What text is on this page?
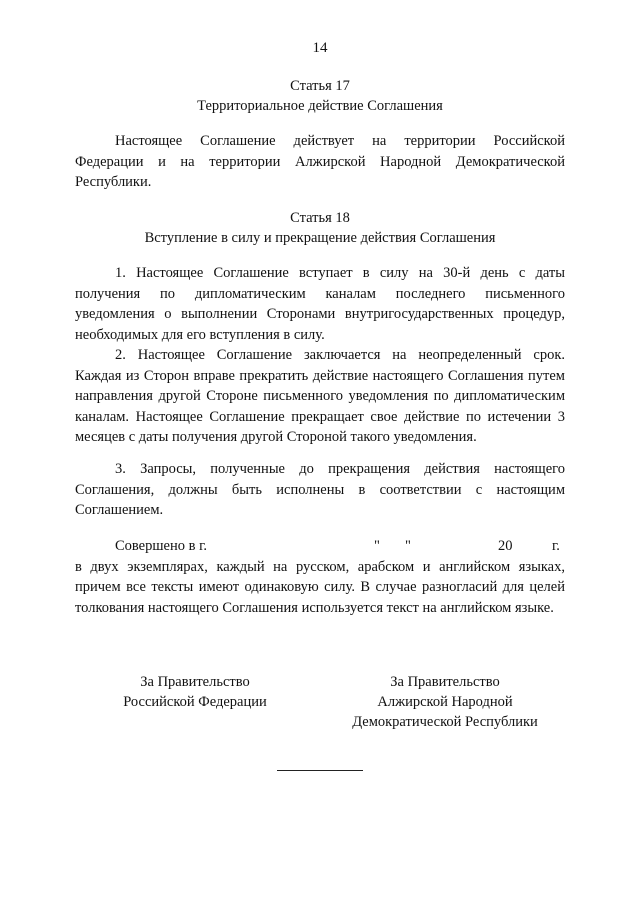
14
Статья 17
Территориальное действие Соглашения

Настоящее Соглашение действует на территории Российской Федерации и на территории Алжирской Народной Демократической Республики.

Статья 18
Вступление в силу и прекращение действия Соглашения

1. Настоящее Соглашение вступает в силу на 30-й день с даты получения по дипломатическим каналам последнего письменного уведомления о выполнении Сторонами внутригосударственных процедур, необходимых для его вступления в силу.

2. Настоящее Соглашение заключается на неопределенный срок. Каждая из Сторон вправе прекратить действие настоящего Соглашения путем направления другой Стороне письменного уведомления по дипломатическим каналам. Настоящее Соглашение прекращает свое действие по истечении 3 месяцев с даты получения другой Стороной такого уведомления.

3. Запросы, полученные до прекращения действия настоящего Соглашения, должны быть исполнены в соответствии с настоящим Соглашением.

Совершено в г.	" "	20	г.

в двух экземплярах, каждый на русском, арабском и английском языках, причем все тексты имеют одинаковую силу. В случае разногласий для целей толкования настоящего Соглашения используется текст на английском языке.

За Правительство
Российской Федерации
За Правительство
Алжирской Народной
Демократической Республики
